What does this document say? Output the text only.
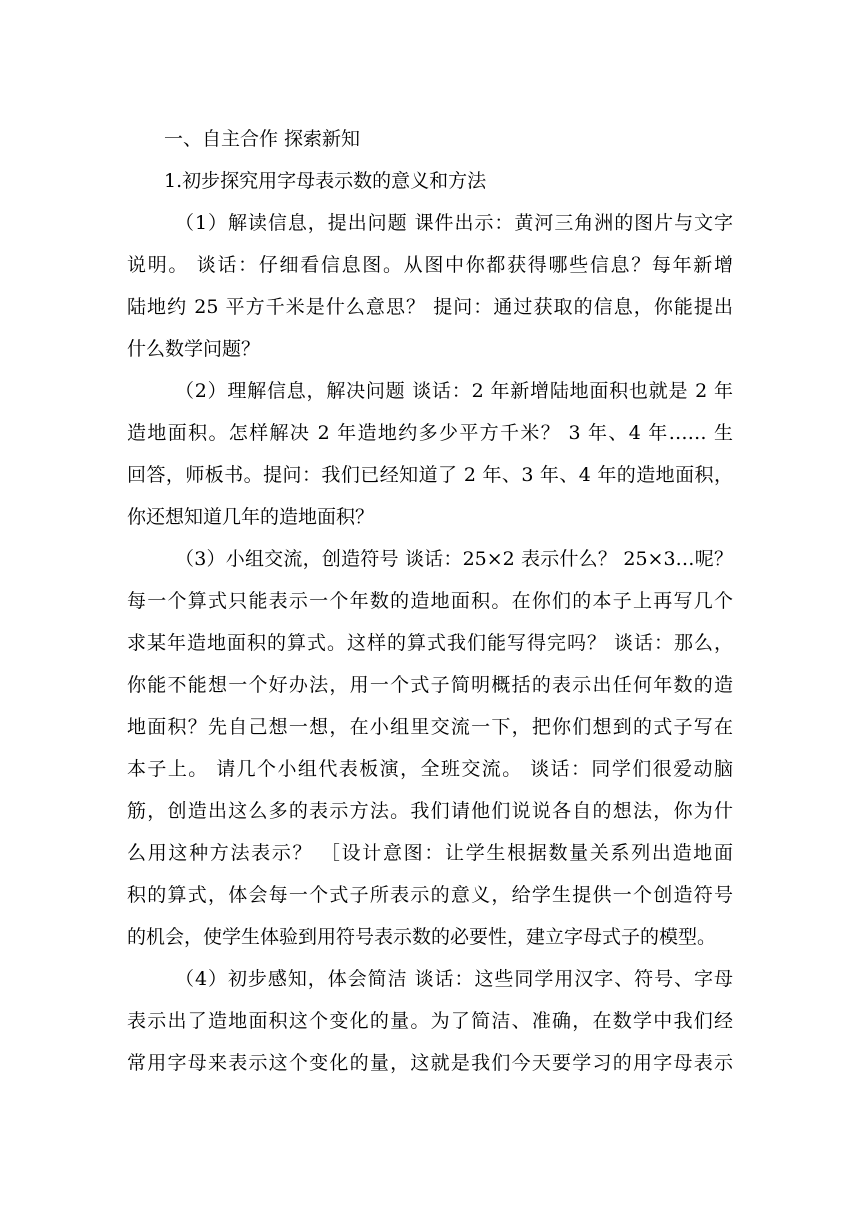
一、自主合作 探索新知
1.初步探究用字母表示数的意义和方法
（1）解读信息，提出问题 课件出示：黄河三角洲的图片与文字
说明。 谈话：仔细看信息图。从图中你都获得哪些信息？每年新增
陆地约 25 平方千米是什么意思？ 提问：通过获取的信息，你能提出
什么数学问题？
（2）理解信息，解决问题 谈话：2 年新增陆地面积也就是 2 年
造地面积。怎样解决 2 年造地约多少平方千米？ 3 年、4 年…… 生
回答，师板书。提问：我们已经知道了 2 年、3 年、4 年的造地面积，
你还想知道几年的造地面积？
（3）小组交流，创造符号 谈话：25×2 表示什么？ 25×3…呢？
每一个算式只能表示一个年数的造地面积。在你们的本子上再写几个
求某年造地面积的算式。这样的算式我们能写得完吗？ 谈话：那么，
你能不能想一个好办法，用一个式子简明概括的表示出任何年数的造
地面积？先自己想一想，在小组里交流一下，把你们想到的式子写在
本子上。 请几个小组代表板演，全班交流。 谈话：同学们很爱动脑
筋，创造出这么多的表示方法。我们请他们说说各自的想法，你为什
么用这种方法表示？ ［设计意图：让学生根据数量关系列出造地面
积的算式，体会每一个式子所表示的意义，给学生提供一个创造符号
的机会，使学生体验到用符号表示数的必要性，建立字母式子的模型。
（4）初步感知，体会简洁 谈话：这些同学用汉字、符号、字母
表示出了造地面积这个变化的量。为了简洁、准确，在数学中我们经
常用字母来表示这个变化的量，这就是我们今天要学习的用字母表示
